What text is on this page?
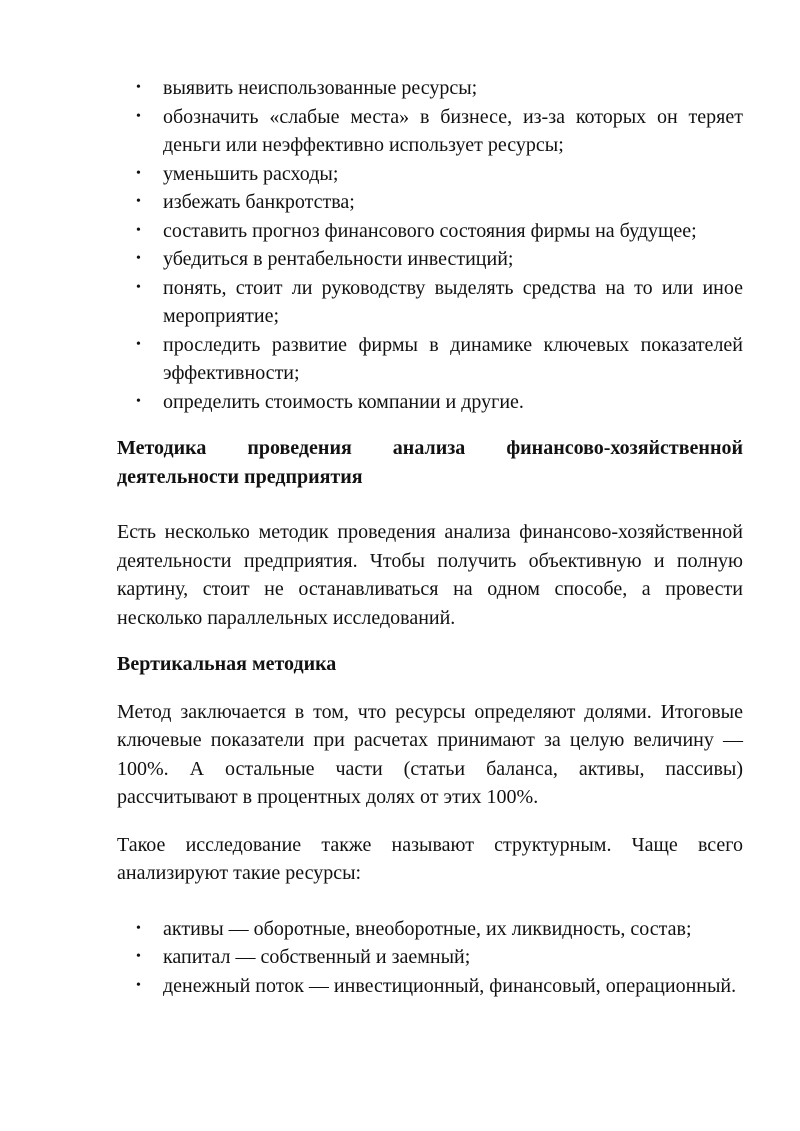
• выявить неиспользованные ресурсы;
• обозначить «слабые места» в бизнесе, из-за которых он теряет деньги или неэффективно использует ресурсы;
• уменьшить расходы;
• избежать банкротства;
• составить прогноз финансового состояния фирмы на будущее;
• убедиться в рентабельности инвестиций;
• понять, стоит ли руководству выделять средства на то или иное мероприятие;
• проследить развитие фирмы в динамике ключевых показателей эффективности;
• определить стоимость компании и другие.

Методика проведения анализа финансово-хозяйственной деятельности предприятия

Есть несколько методик проведения анализа финансово-хозяйственной деятельности предприятия. Чтобы получить объективную и полную картину, стоит не останавливаться на одном способе, а провести несколько параллельных исследований.

Вертикальная методика

Метод заключается в том, что ресурсы определяют долями. Итоговые ключевые показатели при расчетах принимают за целую величину — 100%. А остальные части (статьи баланса, активы, пассивы) рассчитывают в процентных долях от этих 100%.

Такое исследование также называют структурным. Чаще всего анализируют такие ресурсы:

• активы — оборотные, внеоборотные, их ликвидность, состав;
• капитал — собственный и заемный;
• денежный поток — инвестиционный, финансовый, операционный.
